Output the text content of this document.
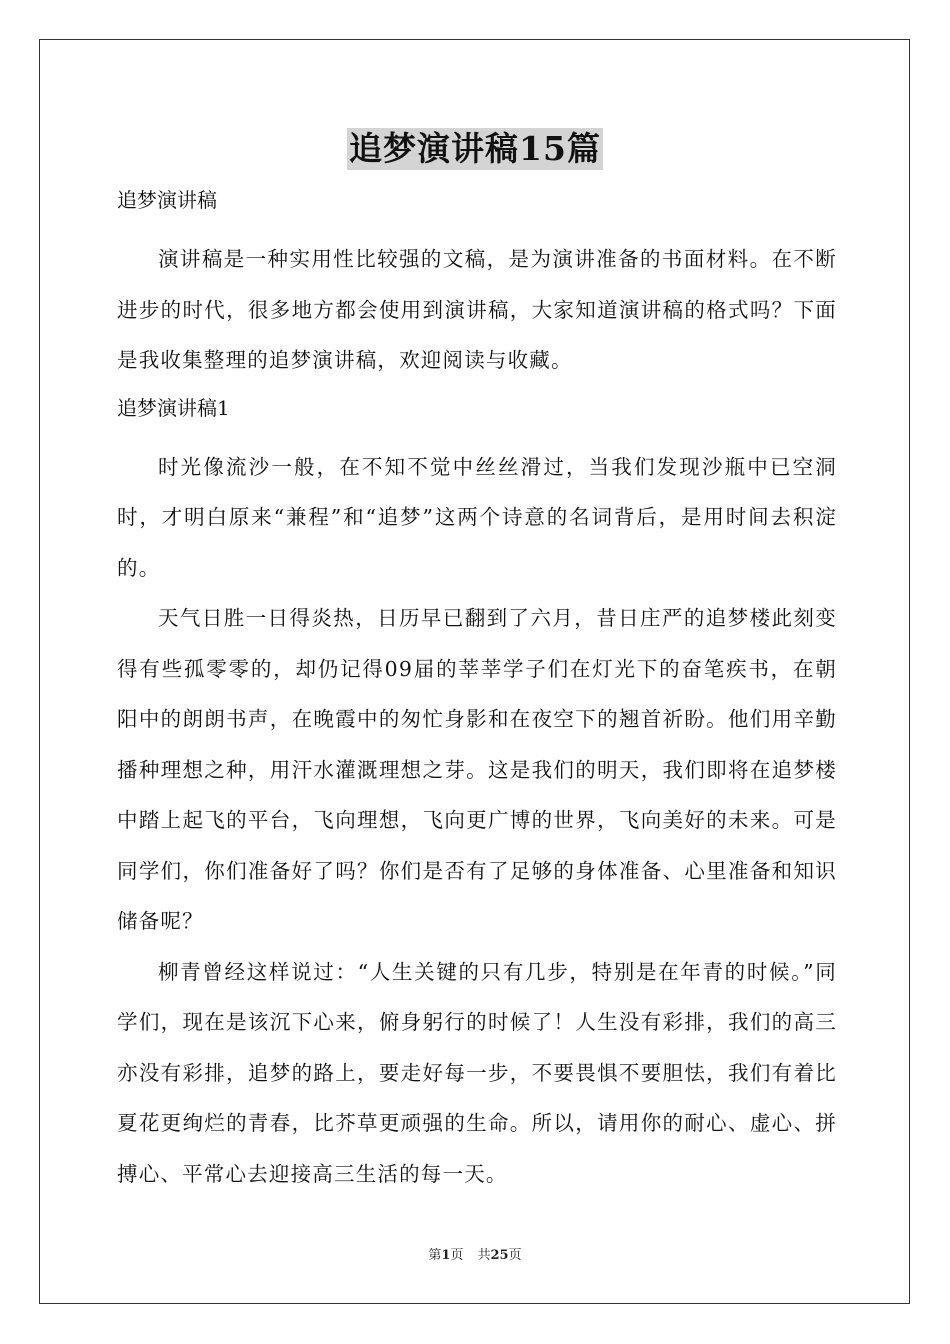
追梦演讲稿15篇

追梦演讲稿

演讲稿是一种实用性比较强的文稿，是为演讲准备的书面材料。在不断进步的时代，很多地方都会使用到演讲稿，大家知道演讲稿的格式吗？下面是我收集整理的追梦演讲稿，欢迎阅读与收藏。

追梦演讲稿1

时光像流沙一般，在不知不觉中丝丝滑过，当我们发现沙瓶中已空洞时，才明白原来“兼程”和“追梦”这两个诗意的名词背后，是用时间去积淀的。

天气日胜一日得炎热，日历早已翻到了六月，昔日庄严的追梦楼此刻变得有些孤零零的，却仍记得09届的莘莘学子们在灯光下的奋笔疾书，在朝阳中的朗朗书声，在晚霞中的匆忙身影和在夜空下的翘首祈盼。他们用辛勤播种理想之种，用汗水灌溉理想之芽。这是我们的明天，我们即将在追梦楼中踏上起飞的平台，飞向理想，飞向更广博的世界，飞向美好的未来。可是同学们，你们准备好了吗？你们是否有了足够的身体准备、心里准备和知识储备呢？

柳青曾经这样说过：“人生关键的只有几步，特别是在年青的时候。”同学们，现在是该沉下心来，俯身躬行的时候了！人生没有彩排，我们的高三亦没有彩排，追梦的路上，要走好每一步，不要畏惧不要胆怯，我们有着比夏花更绚烂的青春，比芥草更顽强的生命。所以，请用你的耐心、虚心、拼搏心、平常心去迎接高三生活的每一天。

第1页 共25页
